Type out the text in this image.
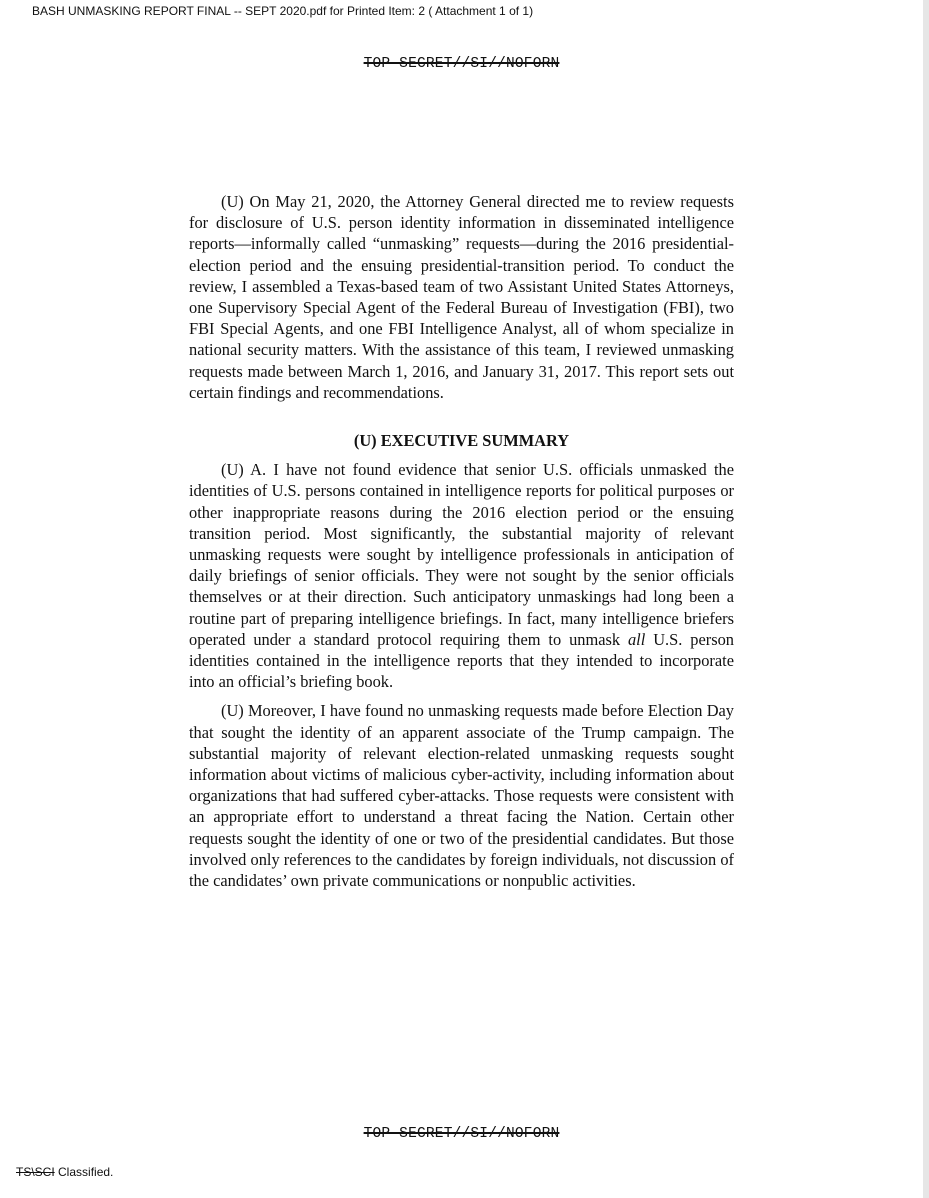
BASH UNMASKING REPORT FINAL -- SEPT 2020.pdf for Printed Item: 2 ( Attachment 1 of 1)
TOP SECRET//SI//NOFORN

(U) On May 21, 2020, the Attorney General directed me to review requests for disclosure of U.S. person identity information in disseminated intelligence reports—informally called “unmasking” requests—during the 2016 presidential-election period and the ensuing presidential-transition period. To conduct the review, I assembled a Texas-based team of two Assistant United States Attorneys, one Supervisory Special Agent of the Federal Bureau of Investigation (FBI), two FBI Special Agents, and one FBI Intelligence Analyst, all of whom specialize in national security matters. With the assistance of this team, I reviewed unmasking requests made between March 1, 2016, and January 31, 2017. This report sets out certain findings and recommendations.

(U) EXECUTIVE SUMMARY

(U) A. I have not found evidence that senior U.S. officials unmasked the identities of U.S. persons contained in intelligence reports for political purposes or other inappropriate reasons during the 2016 election period or the ensuing transition period. Most significantly, the substantial majority of relevant unmasking requests were sought by intelligence professionals in anticipation of daily briefings of senior officials. They were not sought by the senior officials themselves or at their direction. Such anticipatory unmaskings had long been a routine part of preparing intelligence briefings. In fact, many intelligence briefers operated under a standard protocol requiring them to unmask all U.S. person identities contained in the intelligence reports that they intended to incorporate into an official’s briefing book.

(U) Moreover, I have found no unmasking requests made before Election Day that sought the identity of an apparent associate of the Trump campaign. The substantial majority of relevant election-related unmasking requests sought information about victims of malicious cyber-activity, including information about organizations that had suffered cyber-attacks. Those requests were consistent with an appropriate effort to understand a threat facing the Nation. Certain other requests sought the identity of one or two of the presidential candidates. But those involved only references to the candidates by foreign individuals, not discussion of the candidates’ own private communications or nonpublic activities.

TOP SECRET//SI//NOFORN
TS\SCI Classified.
